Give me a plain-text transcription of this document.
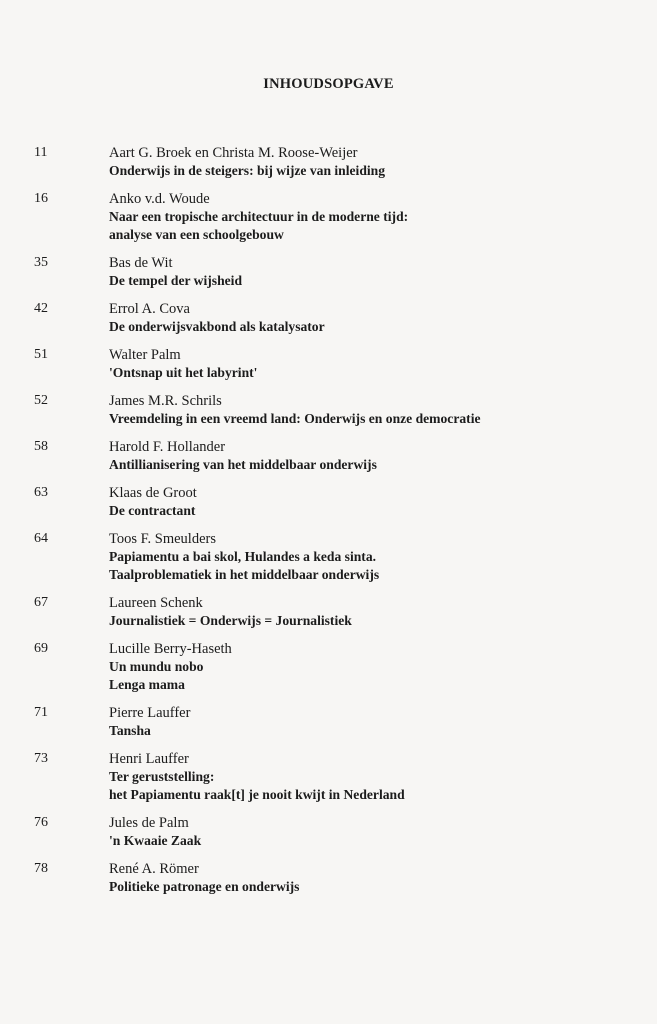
INHOUDSOPGAVE
11	Aart G. Broek en Christa M. Roose-Weijer
Onderwijs in de steigers: bij wijze van inleiding
16	Anko v.d. Woude
Naar een tropische architectuur in de moderne tijd:
analyse van een schoolgebouw
35	Bas de Wit
De tempel der wijsheid
42	Errol A. Cova
De onderwijsvakbond als katalysator
51	Walter Palm
'Ontsnap uit het labyrint'
52	James M.R. Schrils
Vreemdeling in een vreemd land: Onderwijs en onze democratie
58	Harold F. Hollander
Antillianisering van het middelbaar onderwijs
63	Klaas de Groot
De contractant
64	Toos F. Smeulders
Papiamentu a bai skol, Hulandes a keda sinta.
Taalproblematiek in het middelbaar onderwijs
67	Laureen Schenk
Journalistiek = Onderwijs = Journalistiek
69	Lucille Berry-Haseth
Un mundu nobo
Lenga mama
71	Pierre Lauffer
Tansha
73	Henri Lauffer
Ter geruststelling:
het Papiamentu raak[t] je nooit kwijt in Nederland
76	Jules de Palm
'n Kwaaie Zaak
78	René A. Römer
Politieke patronage en onderwijs
